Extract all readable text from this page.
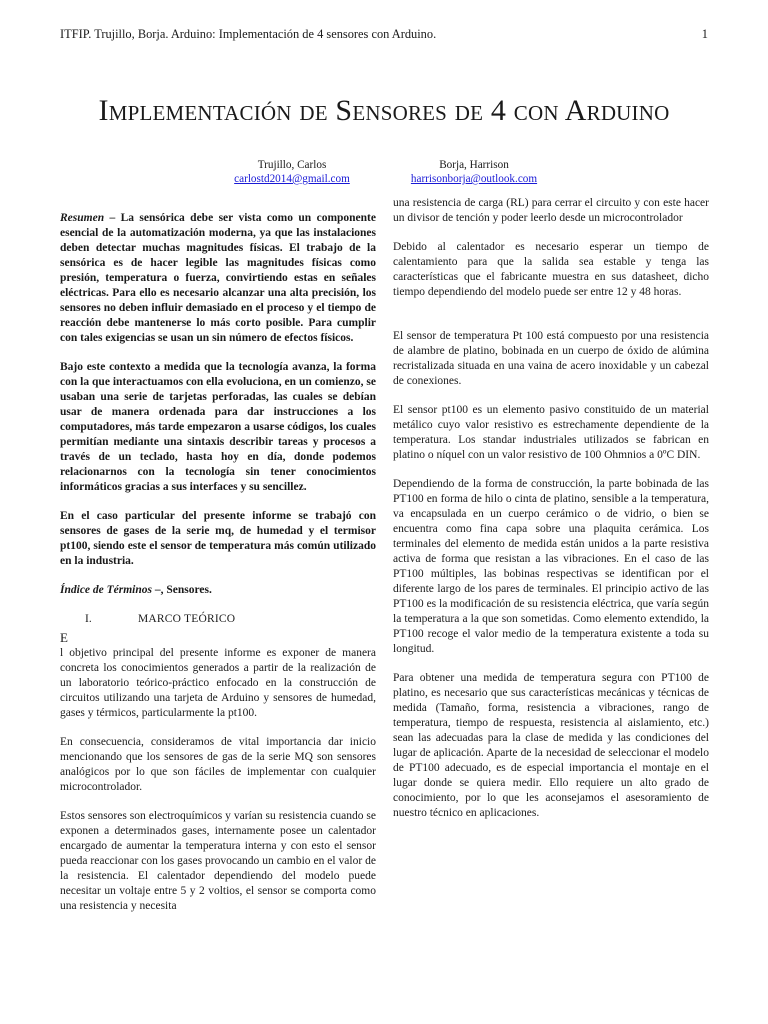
ITFIP. Trujillo, Borja. Arduino: Implementación de 4 sensores con Arduino.	1
Implementación de Sensores de 4 con Arduino
Trujillo, Carlos
carlostd2014@gmail.com
Borja, Harrison
harrisonborja@outlook.com

Resumen – La sensórica debe ser vista como un componente esencial de la automatización moderna, ya que las instalaciones deben detectar muchas magnitudes físicas. El trabajo de la sensórica es de hacer legible las magnitudes físicas como presión, temperatura o fuerza, convirtiendo estas en señales eléctricas. Para ello es necesario alcanzar una alta precisión, los sensores no deben influir demasiado en el proceso y el tiempo de reacción debe mantenerse lo más corto posible. Para cumplir con tales exigencias se usan un sin número de efectos físicos.

Bajo este contexto a medida que la tecnología avanza, la forma con la que interactuamos con ella evoluciona, en un comienzo, se usaban una serie de tarjetas perforadas, las cuales se debían usar de manera ordenada para dar instrucciones a los computadores, más tarde empezaron a usarse códigos, los cuales permitían mediante una sintaxis describir tareas y procesos a través de un teclado, hasta hoy en día, donde podemos relacionarnos con la tecnología sin tener conocimientos informáticos gracias a sus interfaces y su sencillez.

En el caso particular del presente informe se trabajó con sensores de gases de la serie mq, de humedad y el termisor pt100, siendo este el sensor de temperatura más común utilizado en la industria.

Índice de Términos –, Sensores.

I.	MARCO TEÓRICO
E

l objetivo principal del presente informe es exponer de manera concreta los conocimientos generados a partir de la realización de un laboratorio teórico-práctico enfocado en la construcción de circuitos utilizando una tarjeta de Arduino y sensores de humedad, gases y térmicos, particularmente la pt100.

En consecuencia, consideramos de vital importancia dar inicio mencionando que los sensores de gas de la serie MQ son sensores analógicos por lo que son fáciles de implementar con cualquier microcontrolador.

Estos sensores son electroquímicos y varían su resistencia cuando se exponen a determinados gases, internamente posee un calentador encargado de aumentar la temperatura interna y con esto el sensor pueda reaccionar con los gases provocando un cambio en el valor de la resistencia. El calentador dependiendo del modelo puede necesitar un voltaje entre 5 y 2 voltios, el sensor se comporta como una resistencia y necesita

una resistencia de carga (RL) para cerrar el circuito y con este hacer un divisor de tención y poder leerlo desde un microcontrolador

Debido al calentador es necesario esperar un tiempo de calentamiento para que la salida sea estable y tenga las características que el fabricante muestra en sus datasheet, dicho tiempo dependiendo del modelo puede ser entre 12 y 48 horas.

El sensor de temperatura Pt 100 está compuesto por una resistencia de alambre de platino, bobinada en un cuerpo de óxido de alúmina recristalizada situada en una vaina de acero inoxidable y un cabezal de conexiones.

El sensor pt100 es un elemento pasivo constituido de un material metálico cuyo valor resistivo es estrechamente dependiente de la temperatura. Los standar industriales utilizados se fabrican en platino o níquel con un valor resistivo de 100 Ohmnios a 0ºC DIN.

Dependiendo de la forma de construcción, la parte bobinada de las PT100 en forma de hilo o cinta de platino, sensible a la temperatura, va encapsulada en un cuerpo cerámico o de vidrio, o bien se encuentra como fina capa sobre una plaquita cerámica. Los terminales del elemento de medida están unidos a la parte resistiva activa de forma que resistan a las vibraciones. En el caso de las PT100 múltiples, las bobinas respectivas se identifican por el diferente largo de los pares de terminales. El principio activo de las PT100 es la modificación de su resistencia eléctrica, que varía según la temperatura a la que son sometidas. Como elemento extendido, la PT100 recoge el valor medio de la temperatura existente a toda su longitud.

Para obtener una medida de temperatura segura con PT100 de platino, es necesario que sus características mecánicas y técnicas de medida (Tamaño, forma, resistencia a vibraciones, rango de temperatura, tiempo de respuesta, resistencia al aislamiento, etc.) sean las adecuadas para la clase de medida y las condiciones del lugar de aplicación. Aparte de la necesidad de seleccionar el modelo de PT100 adecuado, es de especial importancia el montaje en el lugar donde se quiera medir. Ello requiere un alto grado de conocimiento, por lo que les aconsejamos el asesoramiento de nuestro técnico en aplicaciones.
